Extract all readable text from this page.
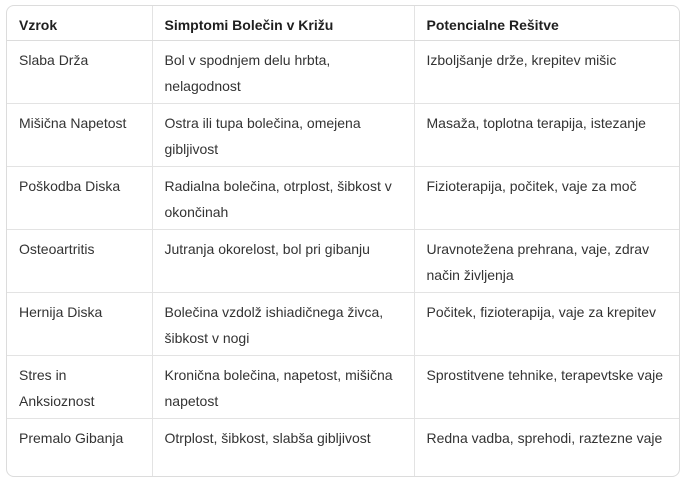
Vzrok	Simptomi Bolečin v Križu	Potencialne Rešitve
Slaba Drža	Bol v spodnjem delu hrbta, nelagodnost	Izboljšanje drže, krepitev mišic
Mišična Napetost	Ostra ili tupa bolečina, omejena gibljivost	Masaža, toplotna terapija, istezanje
Poškodba Diska	Radialna bolečina, otrplost, šibkost v okončinah	Fizioterapija, počitek, vaje za moč
Osteoartritis	Jutranja okorelost, bol pri gibanju	Uravnotežena prehrana, vaje, zdrav način življenja
Hernija Diska	Bolečina vzdolž ishiadičnega živca, šibkost v nogi	Počitek, fizioterapija, vaje za krepitev
Stres in Anksioznost	Kronična bolečina, napetost, mišična napetost	Sprostitvene tehnike, terapevtske vaje
Premalo Gibanja	Otrplost, šibkost, slabša gibljivost	Redna vadba, sprehodi, raztezne vaje
